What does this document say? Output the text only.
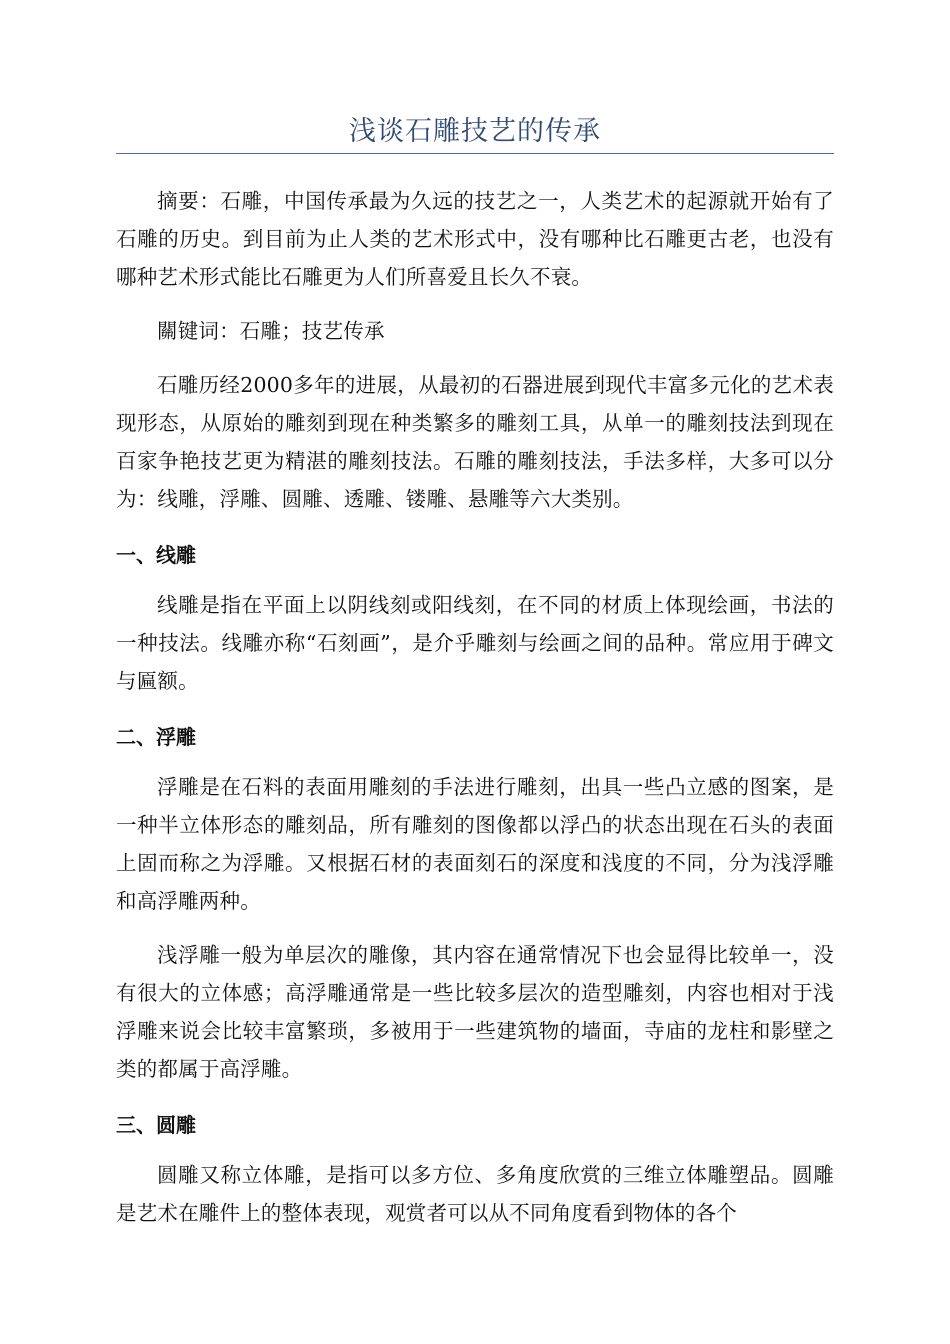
浅谈石雕技艺的传承

摘要：石雕，中国传承最为久远的技艺之一，人类艺术的起源就开始有了石雕的历史。到目前为止人类的艺术形式中，没有哪种比石雕更古老，也没有哪种艺术形式能比石雕更为人们所喜爱且长久不衰。

關键词：石雕；技艺传承

石雕历经2000多年的进展，从最初的石器进展到现代丰富多元化的艺术表现形态，从原始的雕刻到现在种类繁多的雕刻工具，从单一的雕刻技法到现在百家争艳技艺更为精湛的雕刻技法。石雕的雕刻技法，手法多样，大多可以分为：线雕，浮雕、圆雕、透雕、镂雕、悬雕等六大类别。

一、线雕

线雕是指在平面上以阴线刻或阳线刻，在不同的材质上体现绘画，书法的一种技法。线雕亦称“石刻画”，是介乎雕刻与绘画之间的品种。常应用于碑文与匾额。

二、浮雕

浮雕是在石料的表面用雕刻的手法进行雕刻，出具一些凸立感的图案，是一种半立体形态的雕刻品，所有雕刻的图像都以浮凸的状态出现在石头的表面上固而称之为浮雕。又根据石材的表面刻石的深度和浅度的不同，分为浅浮雕和高浮雕两种。

浅浮雕一般为单层次的雕像，其内容在通常情况下也会显得比较单一，没有很大的立体感；高浮雕通常是一些比较多层次的造型雕刻，内容也相对于浅浮雕来说会比较丰富繁琐，多被用于一些建筑物的墙面，寺庙的龙柱和影壁之类的都属于高浮雕。

三、圆雕

圆雕又称立体雕，是指可以多方位、多角度欣赏的三维立体雕塑品。圆雕是艺术在雕件上的整体表现，观赏者可以从不同角度看到物体的各个
